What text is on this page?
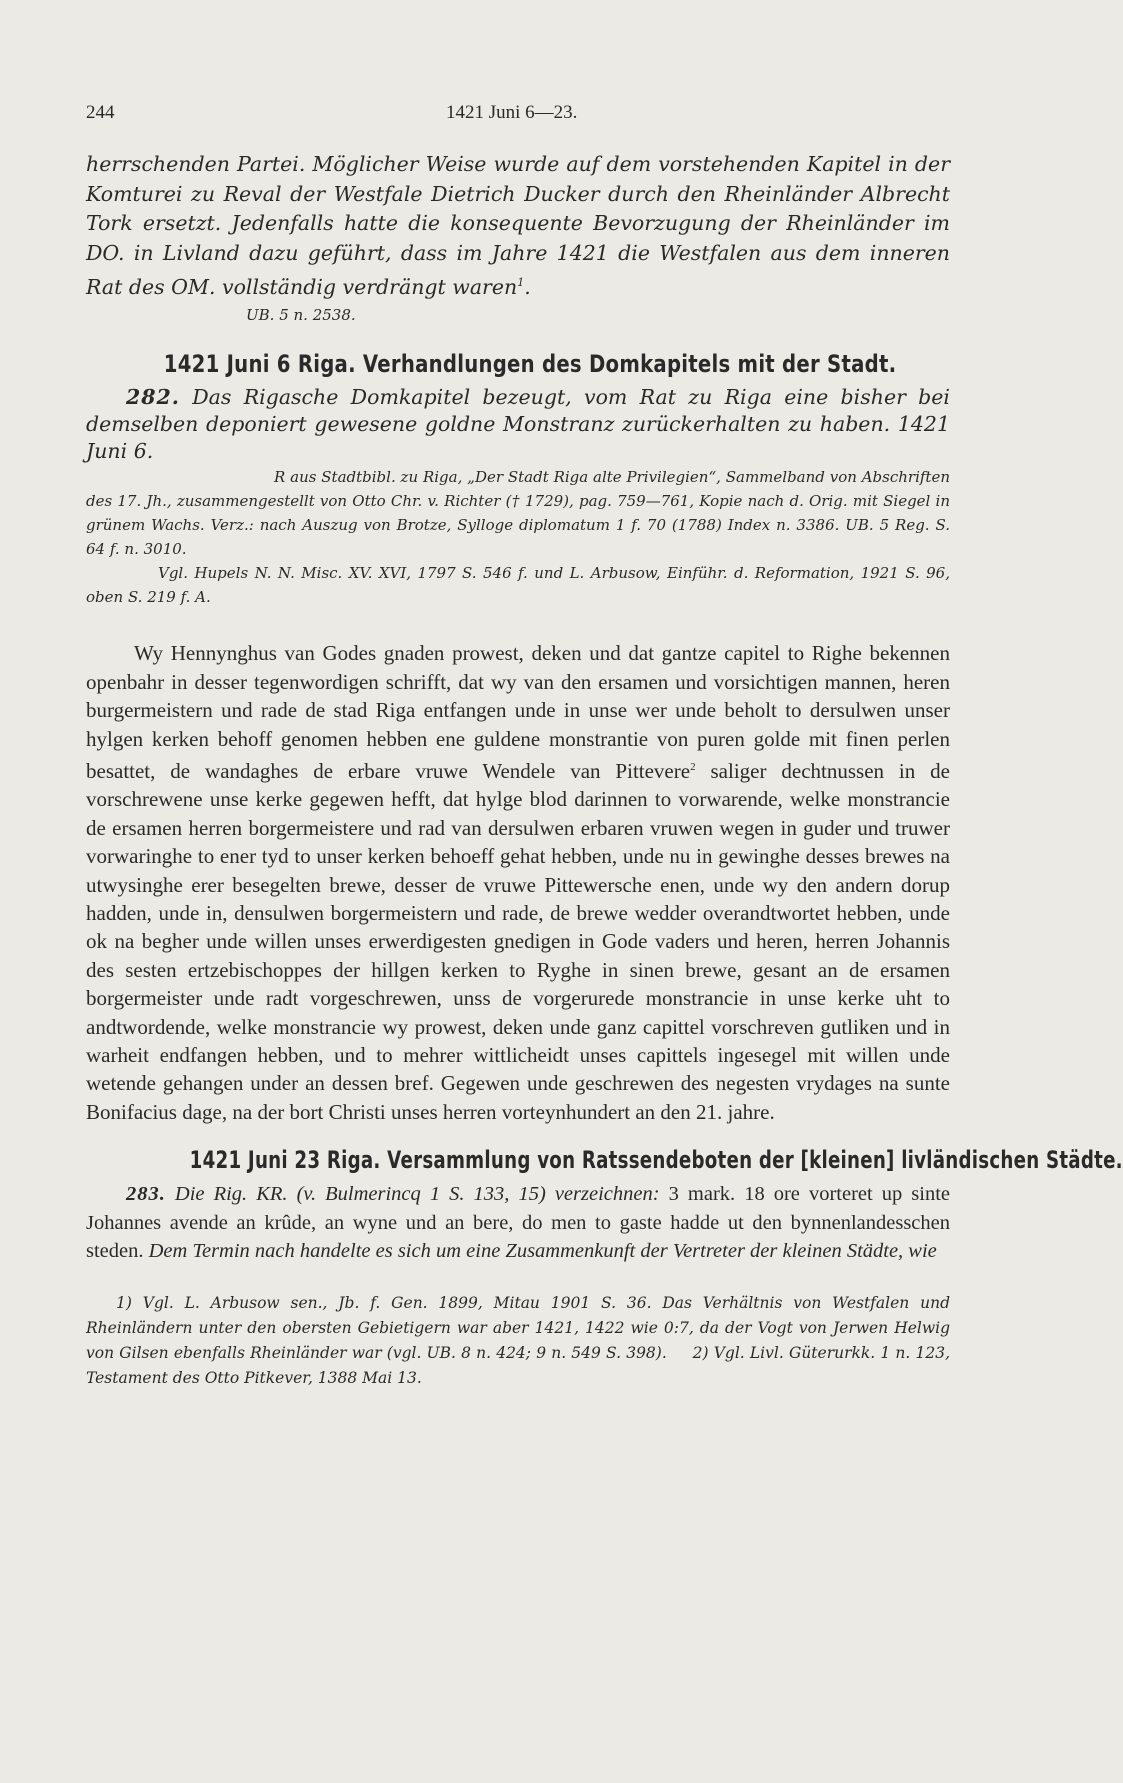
244	1421 Juni 6—23.

herrschenden Partei. Möglicher Weise wurde auf dem vorstehenden Kapitel in der Komturei zu Reval der Westfale Dietrich Ducker durch den Rheinländer Albrecht Tork ersetzt. Jedenfalls hatte die konsequente Bevorzugung der Rheinländer im DO. in Livland dazu geführt, dass im Jahre 1421 die Westfalen aus dem inneren Rat des OM. vollständig verdrängt waren$^1$.

UB. 5 n. 2538.
1421 Juni 6 Riga. Verhandlungen des Domkapitels mit der Stadt.
282. Das Rigasche Domkapitel bezeugt, vom Rat zu Riga eine bisher bei demselben deponiert gewesene goldne Monstranz zurückerhalten zu haben. 1421 Juni 6.

R aus Stadtbibl. zu Riga, „Der Stadt Riga alte Privilegien“, Sammelband von Abschriften des 17. Jh., zusammengestellt von Otto Chr. v. Richter († 1729), pag. 759—761, Kopie nach d. Orig. mit Siegel in grünem Wachs. Verz.: nach Auszug von Brotze, Sylloge diplomatum 1 f. 70 (1788) Index n. 3386. UB. 5 Reg. S. 64 f. n. 3010.

Vgl. Hupels N. N. Misc. XV. XVI, 1797 S. 546 f. und L. Arbusow, Einführ. d. Reformation, 1921 S. 96, oben S. 219 f. A.

Wy Hennynghus van Godes gnaden prowest, deken und dat gantze capitel to Righe bekennen openbahr in desser tegenwordigen schrifft, dat wy van den ersamen und vorsichtigen mannen, heren burgermeistern und rade de stad Riga entfangen unde in unse wer unde beholt to dersulwen unser hylgen kerken behoff genomen hebben ene guldene monstrantie von puren golde mit finen perlen besattet, de wandaghes de erbare vruwe Wendele van Pittevere$^2$ saliger dechtnussen in de vorschrewene unse kerke gegewen hefft, dat hylge blod darinnen to vorwarende, welke monstrancie de ersamen herren borgermeistere und rad van dersulwen erbaren vruwen wegen in guder und truwer vorwaringhe to ener tyd to unser kerken behoeff gehat hebben, unde nu in gewinghe desses brewes na utwysinghe erer besegelten brewe, desser de vruwe Pittewersche enen, unde wy den andern dorup hadden, unde in, densulwen borgermeistern und rade, de brewe wedder overandtwortet hebben, unde ok na begher unde willen unses erwerdigesten gnedigen in Gode vaders und heren, herren Johannis des sesten ertzebischoppes der hillgen kerken to Ryghe in sinen brewe, gesant an de ersamen borgermeister unde radt vorgeschrewen, unss de vorgerurede monstrancie in unse kerke uht to andtwordende, welke monstrancie wy prowest, deken unde ganz capittel vorschreven gutliken und in warheit endfangen hebben, und to mehrer wittlicheidt unses capittels ingesegel mit willen unde wetende gehangen under an dessen bref. Gegewen unde geschrewen des negesten vrydages na sunte Bonifacius dage, na der bort Christi unses herren vorteynhundert an den 21. jahre.
1421 Juni 23 Riga. Versammlung von Ratssendeboten der [kleinen] livländischen Städte.
283. Die Rig. KR. (v. Bulmerincq 1 S. 133, 15) verzeichnen: 3 mark. 18 ore vorteret up sinte Johannes avende an krûde, an wyne und an bere, do men to gaste hadde ut den bynnenlandesschen steden. Dem Termin nach handelte es sich um eine Zusammenkunft der Vertreter der kleinen Städte, wie
1) Vgl. L. Arbusow sen., Jb. f. Gen. 1899, Mitau 1901 S. 36. Das Verhältnis von Westfalen und Rheinländern unter den obersten Gebietigern war aber 1421, 1422 wie 0:7, da der Vogt von Jerwen Helwig von Gilsen ebenfalls Rheinländer war (vgl. UB. 8 n. 424; 9 n. 549 S. 398). 2) Vgl. Livl. Güterurkk. 1 n. 123, Testament des Otto Pitkever, 1388 Mai 13.
